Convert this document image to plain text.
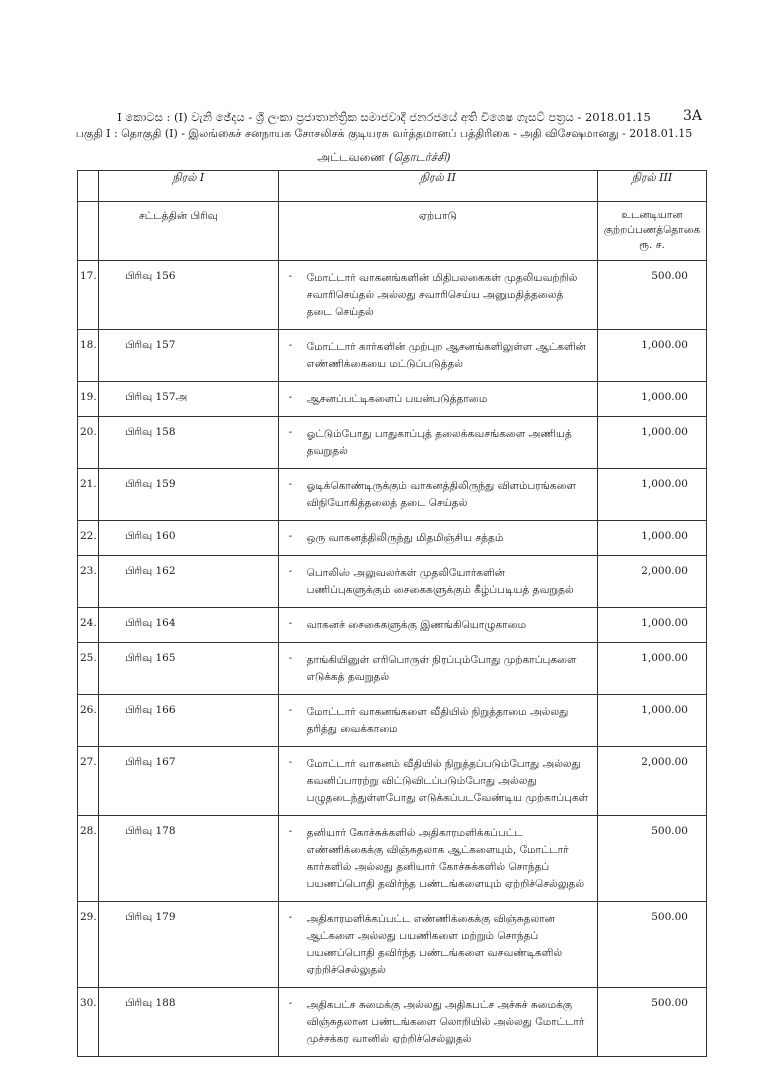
I කොටස : (I) වැනි ඡේදය - ශ්‍රී ලංකා ප්‍රජාතාන්ත්‍රික සමාජවාදී ජනරජයේ අති විශෙෂ ගැසට් පත්‍රය - 2018.01.15	3A
பகுதி I : தொகுதி (I) - இலங்கைச் சனநாயக சோசலிசக் குடியரசு வர்த்தமானப் பத்திரிகை - அதி விசேஷமானது - 2018.01.15
அட்டவணை (தொடர்ச்சி)
	நிரல் I	நிரல் II	நிரல் III
	சட்டத்தின் பிரிவு	ஏற்பாடு	உடனடியான
குற்றப்பணத்தொகை
ரூ. ச.

17.	பிரிவு 156	- மோட்டார் வாகனங்களின் மிதிபலகைகள் முதலியவற்றில் சவாரிசெய்தல் அல்லது சவாரிசெய்ய அனுமதித்தலைத் தடை செய்தல்	500.00
18.	பிரிவு 157	- மோட்டார் கார்களின் முற்புற ஆசனங்களிலுள்ள ஆட்களின் எண்ணிக்கையை மட்டுப்படுத்தல்	1,000.00
19.	பிரிவு 157அ	- ஆசனப்பட்டிகளைப் பயன்படுத்தாமை	1,000.00
20.	பிரிவு 158	- ஓட்டும்போது பாதுகாப்புத் தலைக்கவசங்களை அணியத் தவறுதல்	1,000.00
21.	பிரிவு 159	- ஓடிக்கொண்டிருக்கும் வாகனத்திலிருந்து விளம்பரங்களை விநியோகித்தலைத் தடை செய்தல்	1,000.00
22.	பிரிவு 160	- ஒரு வாகனத்திலிருந்து மிதமிஞ்சிய சத்தம்	1,000.00
23.	பிரிவு 162	- பொலிஸ் அலுவலர்கள் முதலியோர்களின் பணிப்புகளுக்கும் சைகைகளுக்கும் கீழ்ப்படியத் தவறுதல்	2,000.00
24.	பிரிவு 164	- வாகனச் சைகைகளுக்கு இணங்கியொழுகாமை	1,000.00
25.	பிரிவு 165	- தாங்கியினுள் எரிபொருள் நிரப்பும்போது முற்காப்புகளை எடுக்கத் தவறுதல்	1,000.00
26.	பிரிவு 166	- மோட்டார் வாகனங்களை வீதியில் நிறுத்தாமை அல்லது தரித்து வைக்காமை	1,000.00
27.	பிரிவு 167	- மோட்டார் வாகனம் வீதியில் நிறுத்தப்படும்போது அல்லது கவனிப்பாரற்று விட்டுவிடப்படும்போது அல்லது பழுதடைந்துள்ளபோது எடுக்கப்படவேண்டிய முற்காப்புகள்	2,000.00
28.	பிரிவு 178	- தனியார் கோச்சுக்களில் அதிகாரமளிக்கப்பட்ட எண்ணிக்கைக்கு விஞ்சுதலாக ஆட்களையும், மோட்டார் கார்களில் அல்லது தனியார் கோச்சுக்களில் சொந்தப் பயணப்பொதி தவிர்ந்த பண்டங்களையும் ஏற்றிச்செல்லுதல்	500.00
29.	பிரிவு 179	- அதிகாரமளிக்கப்பட்ட எண்ணிக்கைக்கு விஞ்சுதலான ஆட்களை அல்லது பயணிகளை மற்றும் சொந்தப் பயணப்பொதி தவிர்ந்த பண்டங்களை வசவண்டிகளில் ஏற்றிச்செல்லுதல்	500.00
30.	பிரிவு 188	- அதிகபட்ச சுமைக்கு அல்லது அதிகபட்ச அச்சுச் சுமைக்கு விஞ்சுதலான பண்டங்களை லொறியில் அல்லது மோட்டார் முச்சக்கர வானில் ஏற்றிச்செல்லுதல்	500.00
